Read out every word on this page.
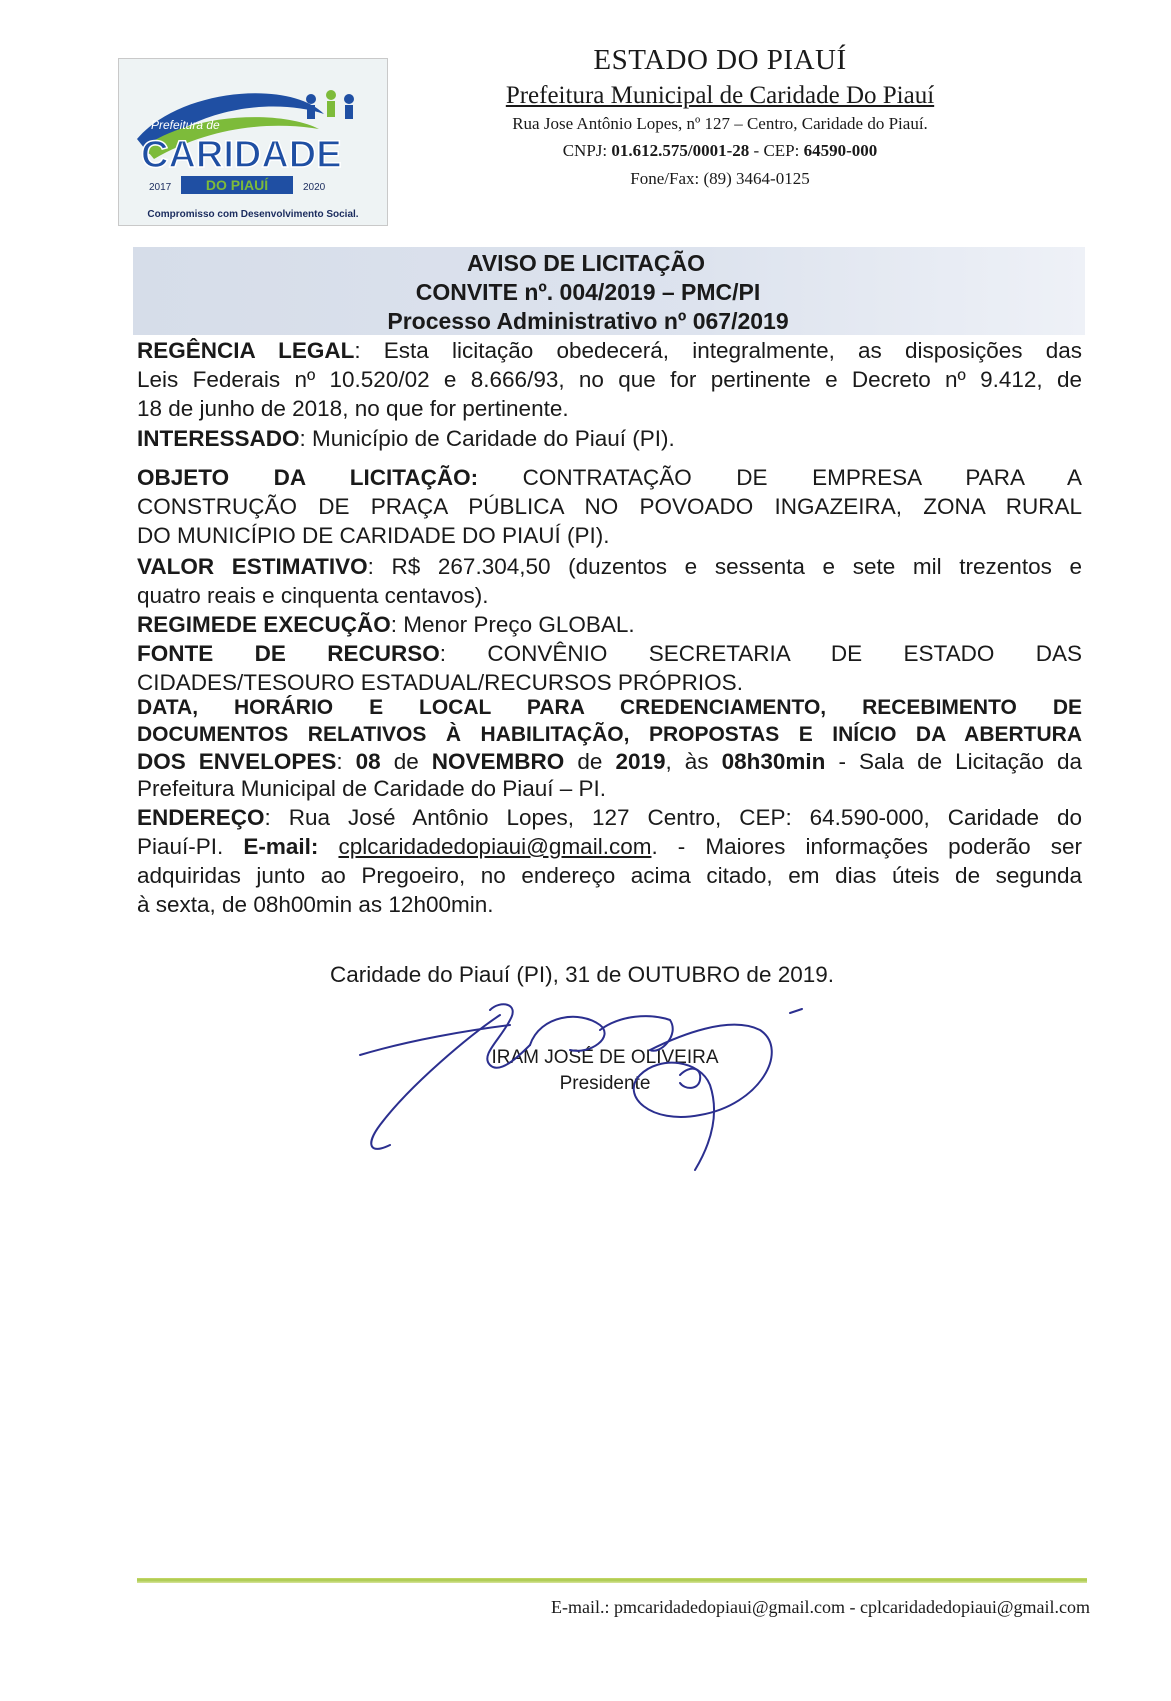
Prefeitura de
CARIDADE
DO PIAUÍ
2017	2020
Compromisso com Desenvolvimento Social.
ESTADO DO PIAUÍ
Prefeitura Municipal de Caridade Do Piauí
Rua Jose Antônio Lopes, nº 127 – Centro, Caridade do Piauí.
CNPJ: 01.612.575/0001-28 - CEP: 64590-000
Fone/Fax: (89) 3464-0125
AVISO DE LICITAÇÃO
CONVITE nº. 004/2019 – PMC/PI
Processo Administrativo nº 067/2019
REGÊNCIA LEGAL: Esta licitação obedecerá, integralmente, as disposições das
Leis Federais nº 10.520/02 e 8.666/93, no que for pertinente e Decreto nº 9.412, de
18 de junho de 2018, no que for pertinente.
INTERESSADO: Município de Caridade do Piauí (PI).
OBJETO DA LICITAÇÃO: CONTRATAÇÃO DE EMPRESA PARA A
CONSTRUÇÃO DE PRAÇA PÚBLICA NO POVOADO INGAZEIRA, ZONA RURAL
DO MUNICÍPIO DE CARIDADE DO PIAUÍ (PI).
VALOR ESTIMATIVO: R$ 267.304,50 (duzentos e sessenta e sete mil trezentos e
quatro reais e cinquenta centavos).
REGIMEDE EXECUÇÃO: Menor Preço GLOBAL.
FONTE DE RECURSO: CONVÊNIO SECRETARIA DE ESTADO DAS
CIDADES/TESOURO ESTADUAL/RECURSOS PRÓPRIOS.
DATA, HORÁRIO E LOCAL PARA CREDENCIAMENTO, RECEBIMENTO DE
DOCUMENTOS RELATIVOS À HABILITAÇÃO, PROPOSTAS E INÍCIO DA ABERTURA
DOS ENVELOPES: 08 de NOVEMBRO de 2019, às 08h30min - Sala de Licitação da
Prefeitura Municipal de Caridade do Piauí – PI.
ENDEREÇO: Rua José Antônio Lopes, 127 Centro, CEP: 64.590-000, Caridade do
Piauí-PI. E-mail: cplcaridadedopiaui@gmail.com. - Maiores informações poderão ser
adquiridas junto ao Pregoeiro, no endereço acima citado, em dias úteis de segunda
à sexta, de 08h00min as 12h00min.
Caridade do Piauí (PI), 31 de OUTUBRO de 2019.
IRAM JOSÉ DE OLIVEIRA
Presidente
E-mail.: pmcaridadedopiaui@gmail.com - cplcaridadedopiaui@gmail.com
